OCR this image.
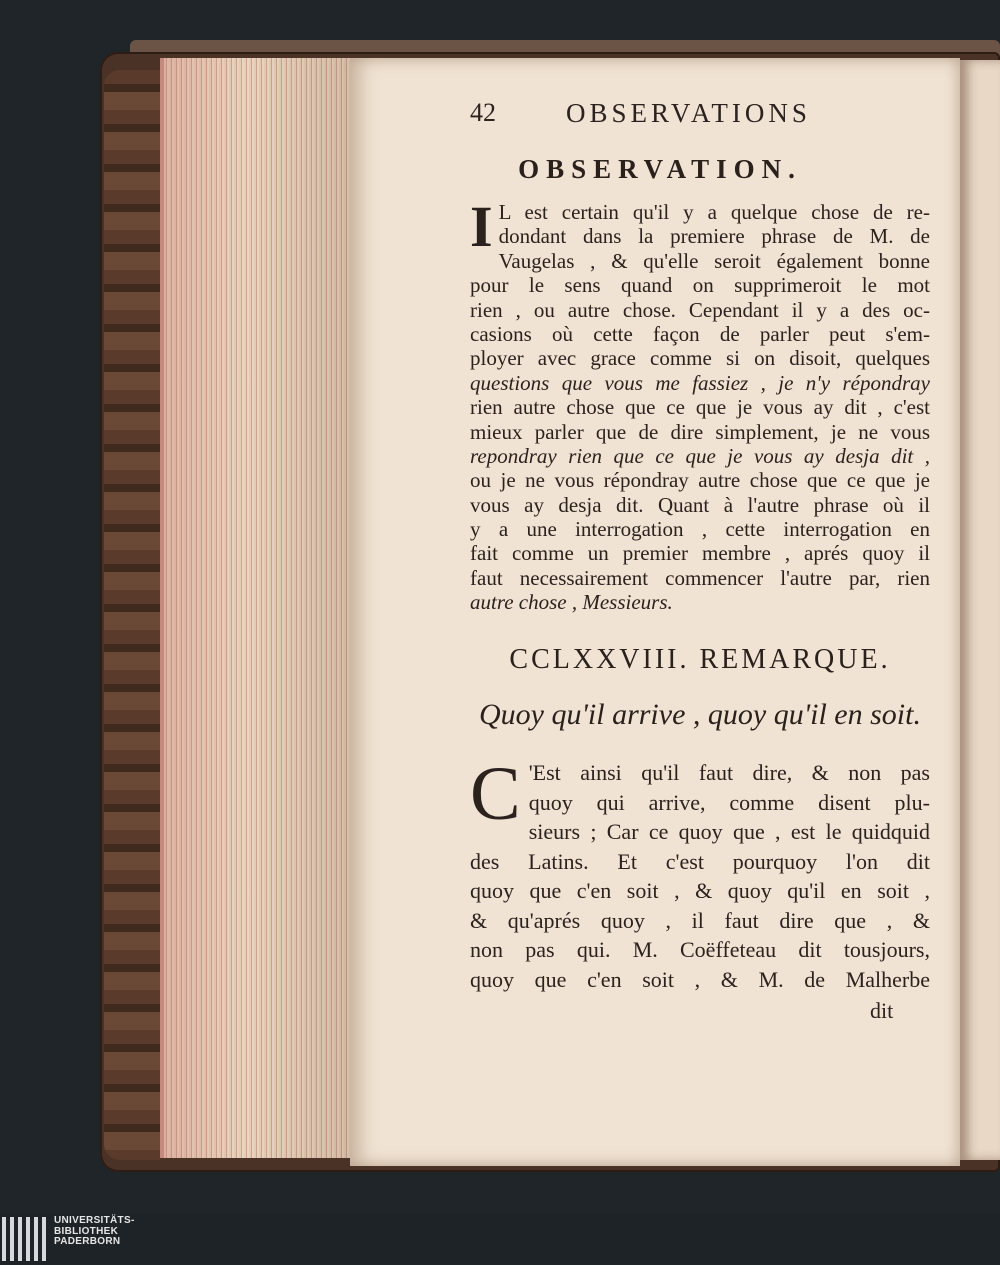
42	OBSERVATIONS
OBSERVATION.
I L est certain qu'il y a quelque chose de re-
dondant dans la premiere phrase de M. de
Vaugelas , & qu'elle seroit également bonne
pour le sens quand on supprimeroit le mot
rien , ou autre chose. Cependant il y a des oc-
casions où cette façon de parler peut s'em-
ployer avec grace comme si on disoit, quelques
questions que vous me fassiez , je n'y répondray
rien autre chose que ce que je vous ay dit , c'est
mieux parler que de dire simplement, je ne vous
repondray rien que ce que je vous ay desja dit ,
ou je ne vous répondray autre chose que ce que je
vous ay desja dit. Quant à l'autre phrase où il
y a une interrogation , cette interrogation en
fait comme un premier membre , aprés quoy il
faut necessairement commencer l'autre par, rien
autre chose , Messieurs.
CCLXXVIII. REMARQUE.
Quoy qu'il arrive , quoy qu'il en soit.
C 'Est ainsi qu'il faut dire, & non pas
quoy qui arrive, comme disent plu-
sieurs ; Car ce quoy que , est le quidquid
des Latins. Et c'est pourquoy l'on dit
quoy que c'en soit , & quoy qu'il en soit ,
& qu'aprés quoy , il faut dire que , &
non pas qui. M. Coëffeteau dit tousjours,
quoy que c'en soit , & M. de Malherbe
dit
UNIVERSITÄTS-
BIBLIOTHEK
PADERBORN
